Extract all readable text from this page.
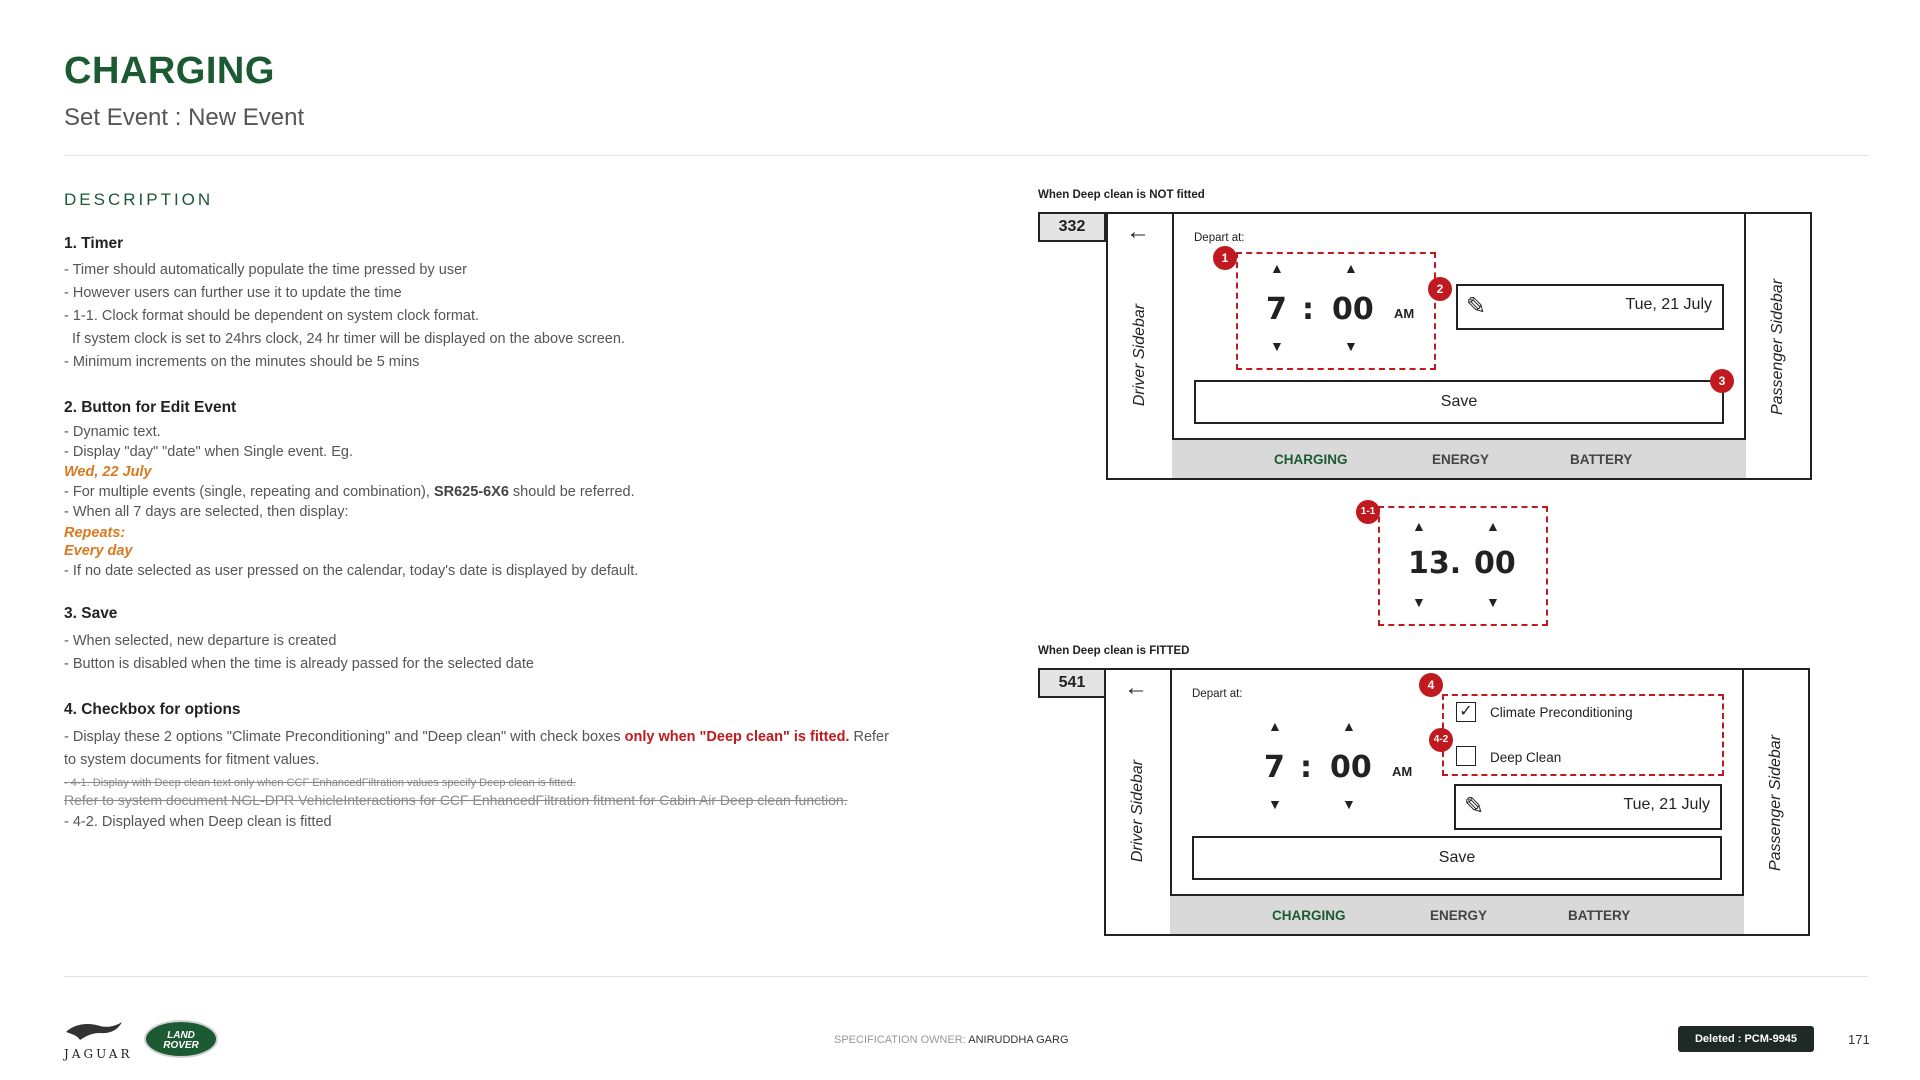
CHARGING
Set Event : New Event
DESCRIPTION
1. Timer
- Timer should automatically populate the time pressed by user
- However users can further use it to update the time
- 1-1. Clock format should be dependent on system clock format.
If system clock is set to 24hrs clock, 24 hr timer will be displayed on the above screen.
- Minimum increments on the minutes should be 5 mins
2. Button for Edit Event
- Dynamic text.
- Display "day" "date" when Single event. Eg.
Wed, 22 July
- For multiple events (single, repeating and combination), SR625-6X6 should be referred.
- When all 7 days are selected, then display:
Repeats:
Every day
- If no date selected as user pressed on the calendar, today's date is displayed by default.
3. Save
- When selected, new departure is created
- Button is disabled when the time is already passed for the selected date
4. Checkbox for options
- Display these 2 options "Climate Preconditioning" and "Deep clean" with check boxes only when "Deep clean" is fitted. Refer
to system documents for fitment values.
- 4-1. Display with Deep clean text only when CCF EnhancedFiltration values specify Deep clean is fitted.
Refer to system document NGL-DPR VehicleInteractions for CCF EnhancedFiltration fitment for Cabin Air Deep clean function.
- 4-2. Displayed when Deep clean is fitted
When Deep clean is NOT fitted
332	←
Driver Sidebar	Passenger Sidebar
Depart at:
▲	▲
7 : 00 AM
▼	▼
✎	Tue, 21 July
Save
CHARGING	ENERGY	BATTERY
1
2
3
1-1
▲	▲
13. 00
▼	▼
When Deep clean is FITTED
541	←
Driver Sidebar	Passenger Sidebar
Depart at:
▲	▲
7 : 00 AM
▼	▼
✓ Climate Preconditioning
Deep Clean
✎	Tue, 21 July
Save
CHARGING	ENERGY	BATTERY
4
4-2
JAGUAR
LAND ROVER	SPECIFICATION OWNER: ANIRUDDHA GARG	Deleted : PCM-9945	171
